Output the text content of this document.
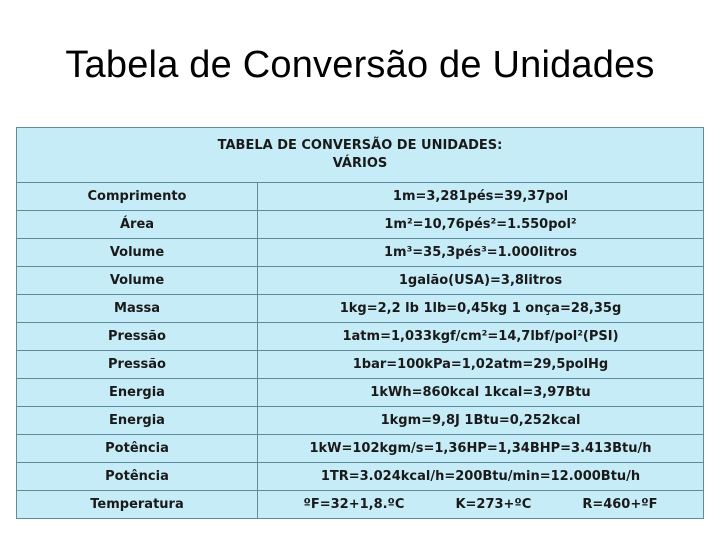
Tabela de Conversão de Unidades
TABELA DE CONVERSÃO DE UNIDADES:
VÁRIOS	

Comprimento	1m=3,281pés=39,37pol
Área	1m²=10,76pés²=1.550pol²
Volume	1m³=35,3pés³=1.000litros
Volume	1galão(USA)=3,8litros
Massa	1kg=2,2 lb 1lb=0,45kg 1 onça=28,35g
Pressão	1atm=1,033kgf/cm²=14,7lbf/pol²(PSI)
Pressão	1bar=100kPa=1,02atm=29,5polHg
Energia	1kWh=860kcal 1kcal=3,97Btu
Energia	1kgm=9,8J 1Btu=0,252kcal
Potência	1kW=102kgm/s=1,36HP=1,34BHP=3.413Btu/h
Potência	1TR=3.024kcal/h=200Btu/min=12.000Btu/h
Temperatura	ºF=32+1,8.ºC K=273+ºC R=460+ºF
